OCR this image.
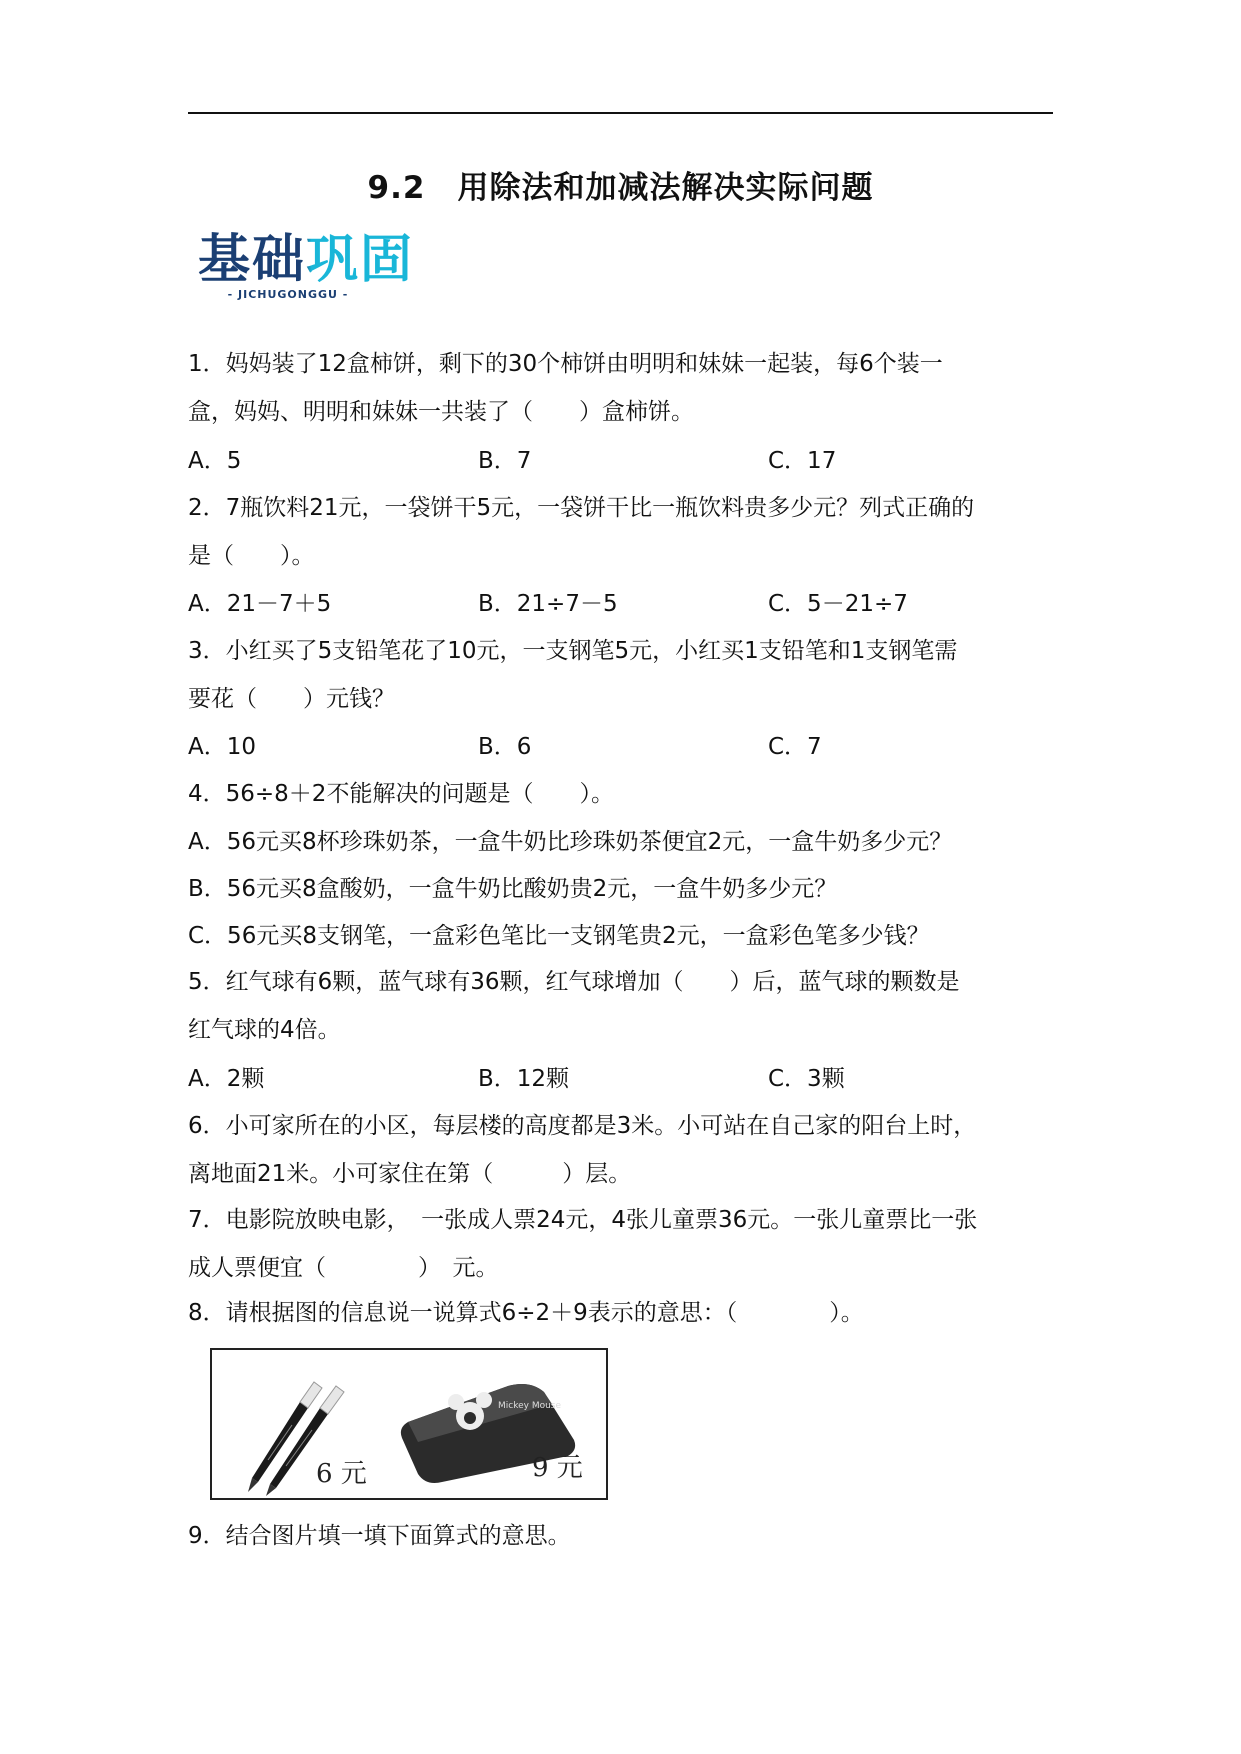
9.2　用除法和加减法解决实际问题
基础巩固
- JICHUGONGGU -
1．妈妈装了12盒柿饼，剩下的30个柿饼由明明和妹妹一起装，每6个装一
盒，妈妈、明明和妹妹一共装了（　　）盒柿饼。
A．5	B．7	C．17
2．7瓶饮料21元，一袋饼干5元，一袋饼干比一瓶饮料贵多少元？列式正确的
是（　　）。
A．21－7＋5	B．21÷7－5	C．5－21÷7
3．小红买了5支铅笔花了10元，一支钢笔5元，小红买1支铅笔和1支钢笔需
要花（　　）元钱？
A．10	B．6	C．7
4．56÷8＋2不能解决的问题是（　　）。
A．56元买8杯珍珠奶茶，一盒牛奶比珍珠奶茶便宜2元，一盒牛奶多少元？
B．56元买8盒酸奶，一盒牛奶比酸奶贵2元，一盒牛奶多少元？
C．56元买8支钢笔，一盒彩色笔比一支钢笔贵2元，一盒彩色笔多少钱？
5．红气球有6颗，蓝气球有36颗，红气球增加（　　）后，蓝气球的颗数是
红气球的4倍。
A．2颗	B．12颗	C．3颗
6．小可家所在的小区，每层楼的高度都是3米。小可站在自己家的阳台上时，
离地面21米。小可家住在第（　　　）层。
7．电影院放映电影，　一张成人票24元，4张儿童票36元。一张儿童票比一张
成人票便宜（　　　　）　元。
8．请根据图的信息说一说算式6÷2＋9表示的意思：（　　　　）。
Mickey Mouse
6 元	9 元
9．结合图片填一填下面算式的意思。
